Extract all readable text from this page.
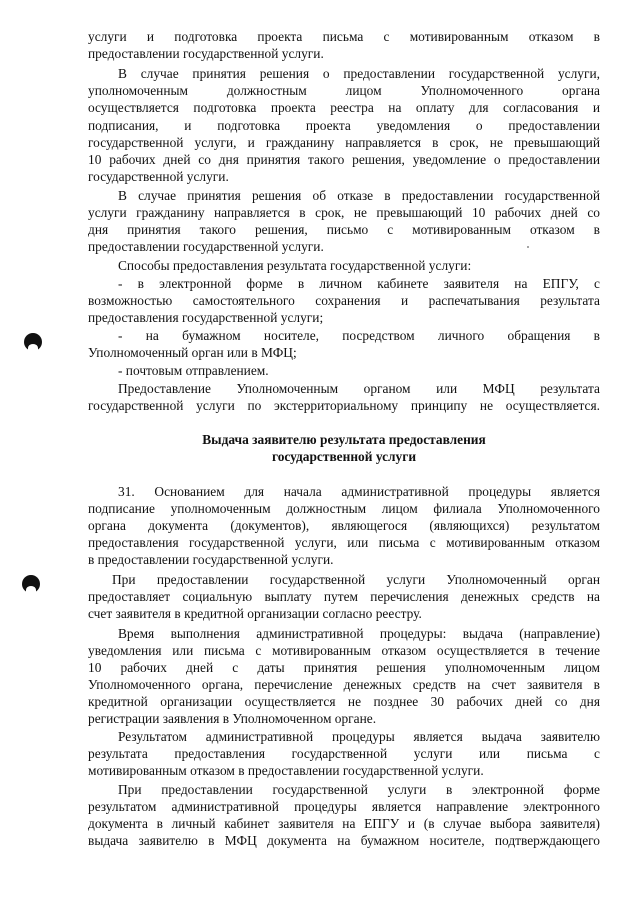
услуги и подготовка проекта письма с мотивированным отказом в
предоставлении государственной услуги.
В случае принятия решения о предоставлении государственной услуги,
уполномоченным должностным лицом Уполномоченного органа
осуществляется подготовка проекта реестра на оплату для согласования и
подписания, и подготовка проекта уведомления о предоставлении
государственной услуги, и гражданину направляется в срок, не превышающий
10 рабочих дней со дня принятия такого решения, уведомление о предоставлении
государственной услуги.
В случае принятия решения об отказе в предоставлении государственной
услуги гражданину направляется в срок, не превышающий 10 рабочих дней со
дня принятия такого решения, письмо с мотивированным отказом в
предоставлении государственной услуги.
Способы предоставления результата государственной услуги:
- в электронной форме в личном кабинете заявителя на ЕПГУ, с
возможностью самостоятельного сохранения и распечатывания результата
предоставления государственной услуги;
- на бумажном носителе, посредством личного обращения в
Уполномоченный орган или в МФЦ;
- почтовым отправлением.
Предоставление Уполномоченным органом или МФЦ результата
государственной услуги по экстерриториальному принципу не осуществляется.
Выдача заявителю результата предоставления
государственной услуги
31. Основанием для начала административной процедуры является
подписание уполномоченным должностным лицом филиала Уполномоченного
органа документа (документов), являющегося (являющихся) результатом
предоставления государственной услуги, или письма с мотивированным отказом
в предоставлении государственной услуги.
При предоставлении государственной услуги Уполномоченный орган
предоставляет социальную выплату путем перечисления денежных средств на
счет заявителя в кредитной организации согласно реестру.
Время выполнения административной процедуры: выдача (направление)
уведомления или письма с мотивированным отказом осуществляется в течение
10 рабочих дней с даты принятия решения уполномоченным лицом
Уполномоченного органа, перечисление денежных средств на счет заявителя в
кредитной организации осуществляется не позднее 30 рабочих дней со дня
регистрации заявления в Уполномоченном органе.
Результатом административной процедуры является выдача заявителю
результата предоставления государственной услуги или письма с
мотивированным отказом в предоставлении государственной услуги.
При предоставлении государственной услуги в электронной форме
результатом административной процедуры является направление электронного
документа в личный кабинет заявителя на ЕПГУ и (в случае выбора заявителя)
выдача заявителю в МФЦ документа на бумажном носителе, подтверждающего
